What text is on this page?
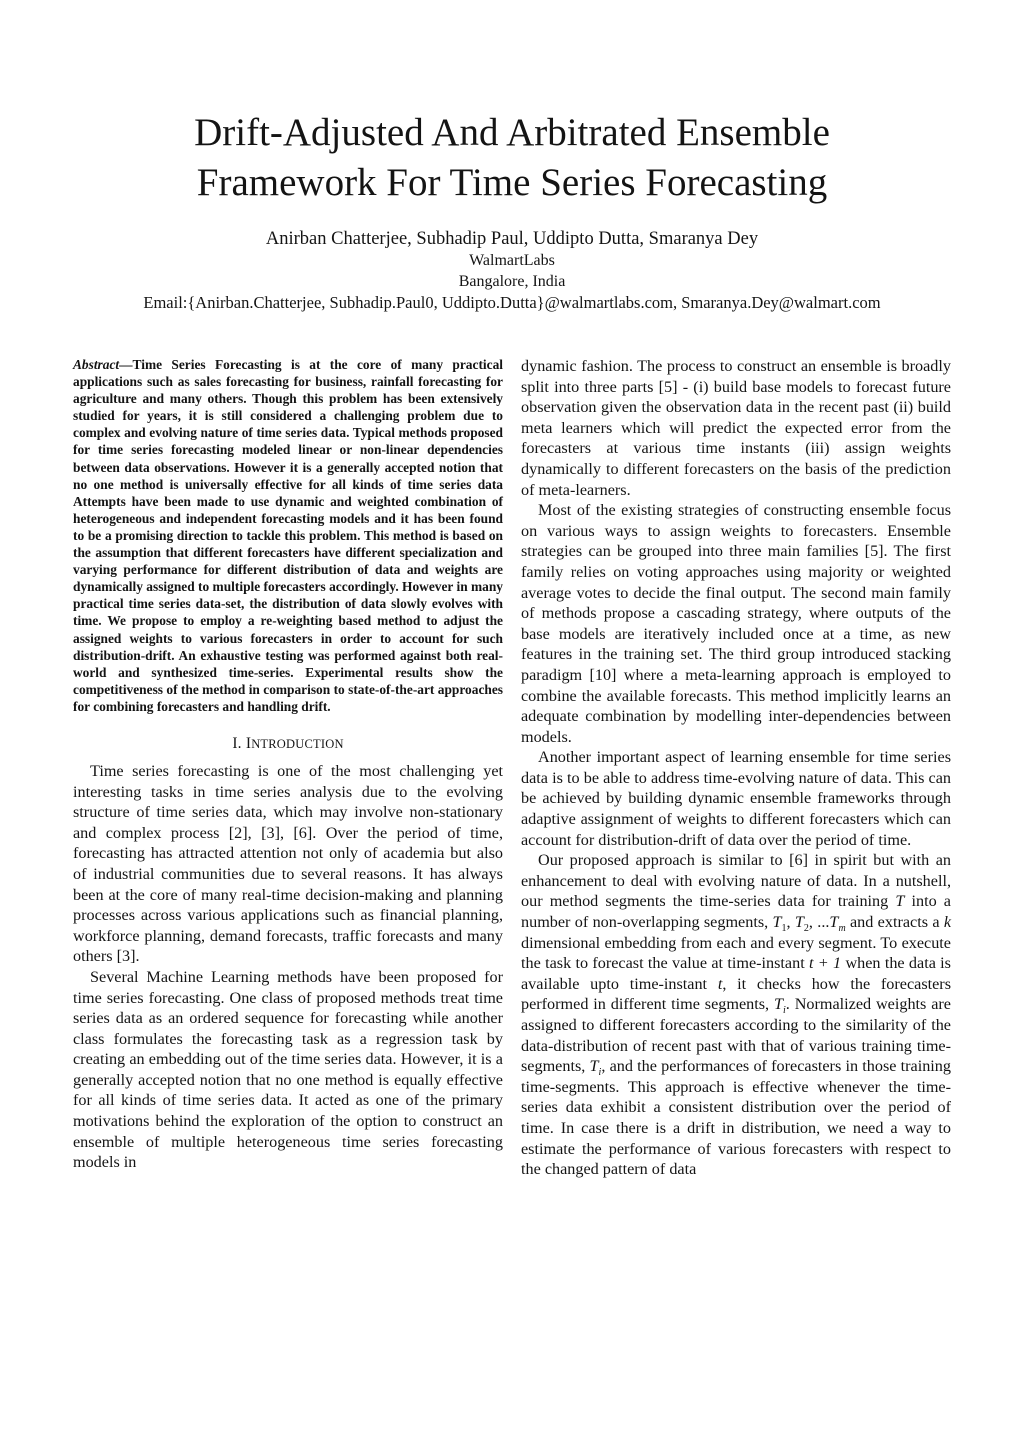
Drift-Adjusted And Arbitrated Ensemble
Framework For Time Series Forecasting
Anirban Chatterjee, Subhadip Paul, Uddipto Dutta, Smaranya Dey
WalmartLabs
Bangalore, India
Email:{Anirban.Chatterjee, Subhadip.Paul0, Uddipto.Dutta}@walmartlabs.com, Smaranya.Dey@walmart.com

Abstract—Time Series Forecasting is at the core of many practical applications such as sales forecasting for business, rainfall forecasting for agriculture and many others. Though this problem has been extensively studied for years, it is still considered a challenging problem due to complex and evolving nature of time series data. Typical methods proposed for time series forecasting modeled linear or non-linear dependencies between data observations. However it is a generally accepted notion that no one method is universally effective for all kinds of time series data Attempts have been made to use dynamic and weighted combination of heterogeneous and independent forecasting models and it has been found to be a promising direction to tackle this problem. This method is based on the assumption that different forecasters have different specialization and varying performance for different distribution of data and weights are dynamically assigned to multiple forecasters accordingly. However in many practical time series data-set, the distribution of data slowly evolves with time. We propose to employ a re-weighting based method to adjust the assigned weights to various forecasters in order to account for such distribution-drift. An exhaustive testing was performed against both real-world and synthesized time-series. Experimental results show the competitiveness of the method in comparison to state-of-the-art approaches for combining forecasters and handling drift.

I. INTRODUCTION

Time series forecasting is one of the most challenging yet interesting tasks in time series analysis due to the evolving structure of time series data, which may involve non-stationary and complex process [2], [3], [6]. Over the period of time, forecasting has attracted attention not only of academia but also of industrial communities due to several reasons. It has always been at the core of many real-time decision-making and planning processes across various applications such as financial planning, workforce planning, demand forecasts, traffic forecasts and many others [3].

Several Machine Learning methods have been proposed for time series forecasting. One class of proposed methods treat time series data as an ordered sequence for forecasting while another class formulates the forecasting task as a regression task by creating an embedding out of the time series data. However, it is a generally accepted notion that no one method is equally effective for all kinds of time series data. It acted as one of the primary motivations behind the exploration of the option to construct an ensemble of multiple heterogeneous time series forecasting models in

dynamic fashion. The process to construct an ensemble is broadly split into three parts [5] - (i) build base models to forecast future observation given the observation data in the recent past (ii) build meta learners which will predict the expected error from the forecasters at various time instants (iii) assign weights dynamically to different forecasters on the basis of the prediction of meta-learners.

Most of the existing strategies of constructing ensemble focus on various ways to assign weights to forecasters. Ensemble strategies can be grouped into three main families [5]. The first family relies on voting approaches using majority or weighted average votes to decide the final output. The second main family of methods propose a cascading strategy, where outputs of the base models are iteratively included once at a time, as new features in the training set. The third group introduced stacking paradigm [10] where a meta-learning approach is employed to combine the available forecasts. This method implicitly learns an adequate combination by modelling inter-dependencies between models.

Another important aspect of learning ensemble for time series data is to be able to address time-evolving nature of data. This can be achieved by building dynamic ensemble frameworks through adaptive assignment of weights to different forecasters which can account for distribution-drift of data over the period of time.

Our proposed approach is similar to [6] in spirit but with an enhancement to deal with evolving nature of data. In a nutshell, our method segments the time-series data for training T into a number of non-overlapping segments, $T_1$, $T_2$, $...T_m$ and extracts a k dimensional embedding from each and every segment. To execute the task to forecast the value at time-instant t + 1 when the data is available upto time-instant t, it checks how the forecasters performed in different time segments, $T_i$. Normalized weights are assigned to different forecasters according to the similarity of the data-distribution of recent past with that of various training time-segments, $T_i$, and the performances of forecasters in those training time-segments. This approach is effective whenever the time-series data exhibit a consistent distribution over the period of time. In case there is a drift in distribution, we need a way to estimate the performance of various forecasters with respect to the changed pattern of data
